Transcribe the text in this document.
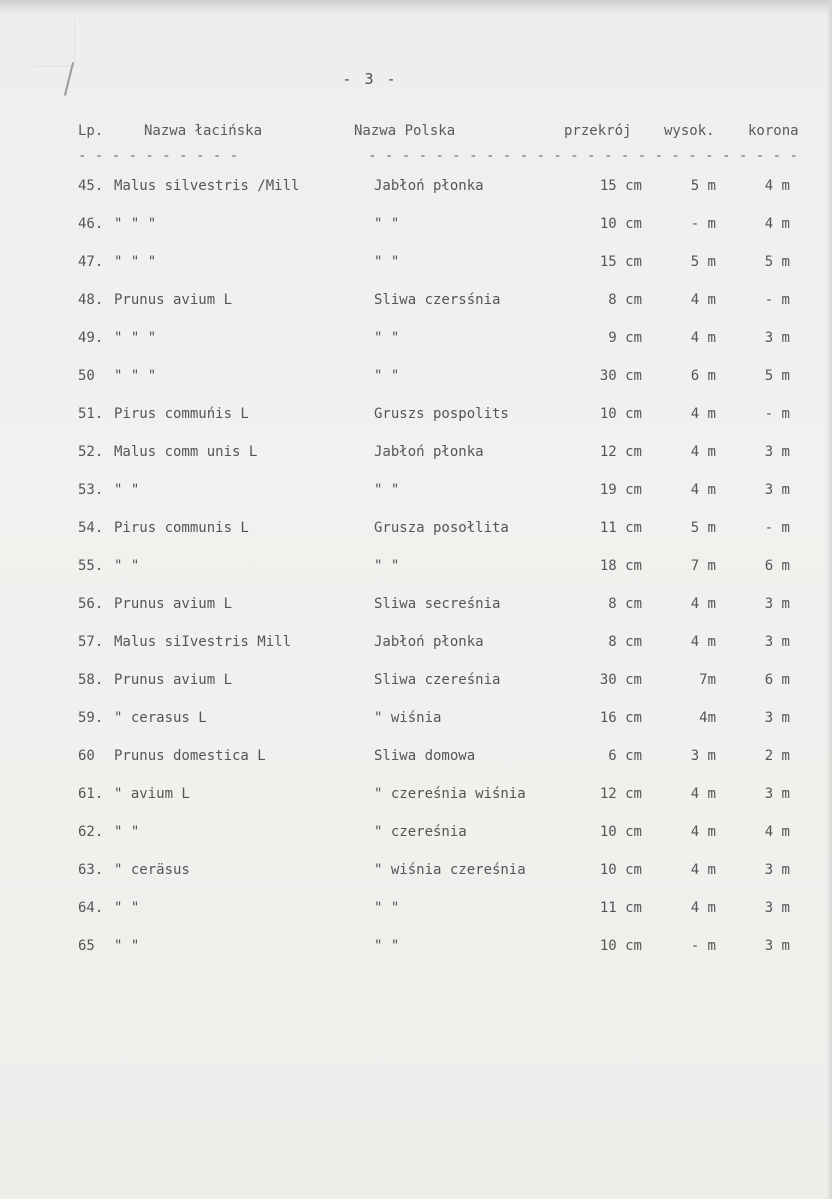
- 3 -
Lp.	Nazwa łacińska	Nazwa Polska	przekrój wysok. korona
- - - - - - - - - -	- - - - - - - - - - - - - - - - - - - - - - - - - -
45. Malus silvestris /Mill	Jabłoń płonka	15 cm	5 m	4 m
46. " " "	" "	10 cm	- m	4 m
47. " " "	" "	15 cm	5 m	5 m
48. Prunus avium L	Sliwa czersśnia	8 cm	4 m	- m
49. " " "	" "	9 cm	4 m	3 m
50 " " "	" "	30 cm	6 m	5 m
51. Pirus commuńis L	Gruszs pospolits	10 cm	4 m	- m
52. Malus comm unis L	Jabłoń płonka	12 cm	4 m	3 m
53. " "	" "	19 cm	4 m	3 m
54. Pirus communis L	Grusza posołlita	11 cm	5 m	- m
55. " "	" "	18 cm	7 m	6 m
56. Prunus avium L	Sliwa secreśnia	8 cm	4 m	3 m
57. Malus siIvestris Mill	Jabłoń płonka	8 cm	4 m	3 m
58. Prunus avium L	Sliwa czereśnia	30 cm	7m	6 m
59. " cerasus L	" wiśnia	16 cm	4m	3 m
60 Prunus domestica L	Sliwa domowa	6 cm	3 m	2 m
61. " avium L	" czereśnia wiśnia	12 cm	4 m	3 m
62. " "	" czereśnia	10 cm	4 m	4 m
63. " ceräsus	" wiśnia czereśnia	10 cm	4 m	3 m
64. " "	" "	11 cm	4 m	3 m
65 " "	" "	10 cm	- m	3 m
